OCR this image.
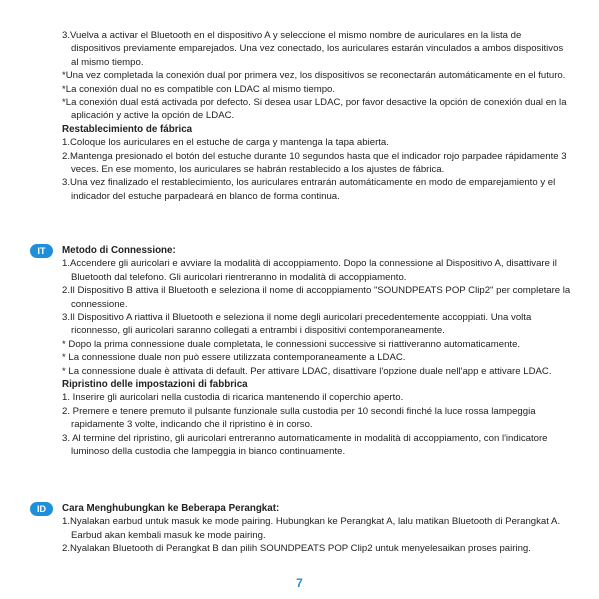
3.Vuelva a activar el Bluetooth en el dispositivo A y seleccione el mismo nombre de auriculares en la lista de dispositivos previamente emparejados. Una vez conectado, los auriculares estarán vinculados a ambos dispositivos al mismo tiempo.

*Una vez completada la conexión dual por primera vez, los dispositivos se reconectarán automáticamente en el futuro.

*La conexión dual no es compatible con LDAC al mismo tiempo.

*La conexión dual está activada por defecto. Si desea usar LDAC, por favor desactive la opción de conexión dual en la aplicación y active la opción de LDAC.

Restablecimiento de fábrica

1.Coloque los auriculares en el estuche de carga y mantenga la tapa abierta.

2.Mantenga presionado el botón del estuche durante 10 segundos hasta que el indicador rojo parpadee rápidamente 3 veces. En ese momento, los auriculares se habrán restablecido a los ajustes de fábrica.

3.Una vez finalizado el restablecimiento, los auriculares entrarán automáticamente en modo de emparejamiento y el indicador del estuche parpadeará en blanco de forma continua.

IT	Metodo di Connessione:

1.Accendere gli auricolari e avviare la modalità di accoppiamento. Dopo la connessione al Dispositivo A, disattivare il Bluetooth dal telefono. Gli auricolari rientreranno in modalità di accoppiamento.

2.Il Dispositivo B attiva il Bluetooth e seleziona il nome di accoppiamento "SOUNDPEATS POP Clip2" per completare la connessione.

3.Il Dispositivo A riattiva il Bluetooth e seleziona il nome degli auricolari precedentemente accoppiati. Una volta riconnesso, gli auricolari saranno collegati a entrambi i dispositivi contemporaneamente.

* Dopo la prima connessione duale completata, le connessioni successive si riattiveranno automaticamente.

* La connessione duale non può essere utilizzata contemporaneamente a LDAC.

* La connessione duale è attivata di default. Per attivare LDAC, disattivare l'opzione duale nell'app e attivare LDAC.

Ripristino delle impostazioni di fabbrica

1. Inserire gli auricolari nella custodia di ricarica mantenendo il coperchio aperto.

2. Premere e tenere premuto il pulsante funzionale sulla custodia per 10 secondi finché la luce rossa lampeggia rapidamente 3 volte, indicando che il ripristino è in corso.

3. Al termine del ripristino, gli auricolari entreranno automaticamente in modalità di accoppiamento, con l'indicatore luminoso della custodia che lampeggia in bianco continuamente.

ID	Cara Menghubungkan ke Beberapa Perangkat:

1.Nyalakan earbud untuk masuk ke mode pairing. Hubungkan ke Perangkat A, lalu matikan Bluetooth di Perangkat A. Earbud akan kembali masuk ke mode pairing.

2.Nyalakan Bluetooth di Perangkat B dan pilih SOUNDPEATS POP Clip2 untuk menyelesaikan proses pairing.

7
